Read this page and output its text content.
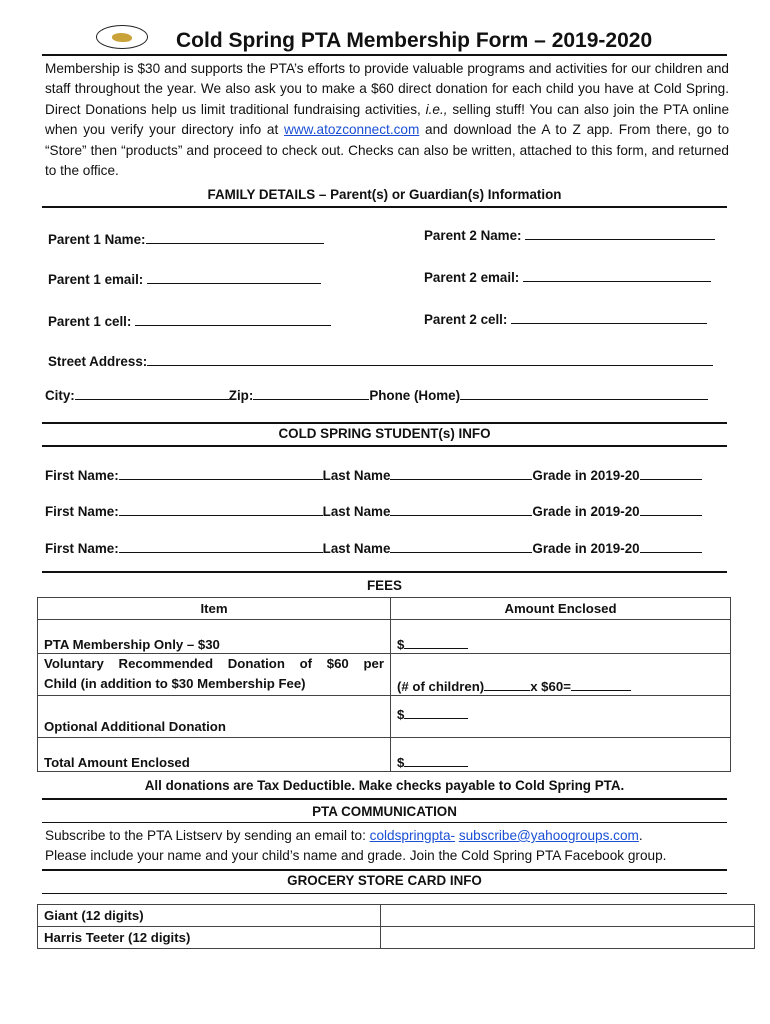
Cold Spring PTA Membership Form – 2019-2020
Membership is $30 and supports the PTA’s efforts to provide valuable programs and activities for our children and staff throughout the year. We also ask you to make a $60 direct donation for each child you have at Cold Spring. Direct Donations help us limit traditional fundraising activities, i.e., selling stuff! You can also join the PTA online when you verify your directory info at www.atozconnect.com and download the A to Z app. From there, go to “Store” then “products” and proceed to check out. Checks can also be written, attached to this form, and returned to the office.
FAMILY DETAILS – Parent(s) or Guardian(s) Information
Parent 1 Name:	Parent 2 Name:
Parent 1 email:	Parent 2 email:
Parent 1 cell:	Parent 2 cell:
Street Address:
City:	Zip:	Phone (Home)
COLD SPRING STUDENT(s) INFO
First Name:	Last Name	Grade in 2019-20
First Name:	Last Name	Grade in 2019-20
First Name:	Last Name	Grade in 2019-20
FEES
Item	Amount Enclosed
PTA Membership Only – $30	$

Voluntary Recommended Donation of $60 per
Child (in addition to $30 Membership Fee)	(# of children) x $60=
Optional Additional Donation	$
Total Amount Enclosed	$
All donations are Tax Deductible. Make checks payable to Cold Spring PTA.
PTA COMMUNICATION
Subscribe to the PTA Listserv by sending an email to: coldspringpta- subscribe@yahoogroups.com.
Please include your name and your child’s name and grade. Join the Cold Spring PTA Facebook group.
GROCERY STORE CARD INFO
Giant (12 digits)	
Harris Teeter (12 digits)	
